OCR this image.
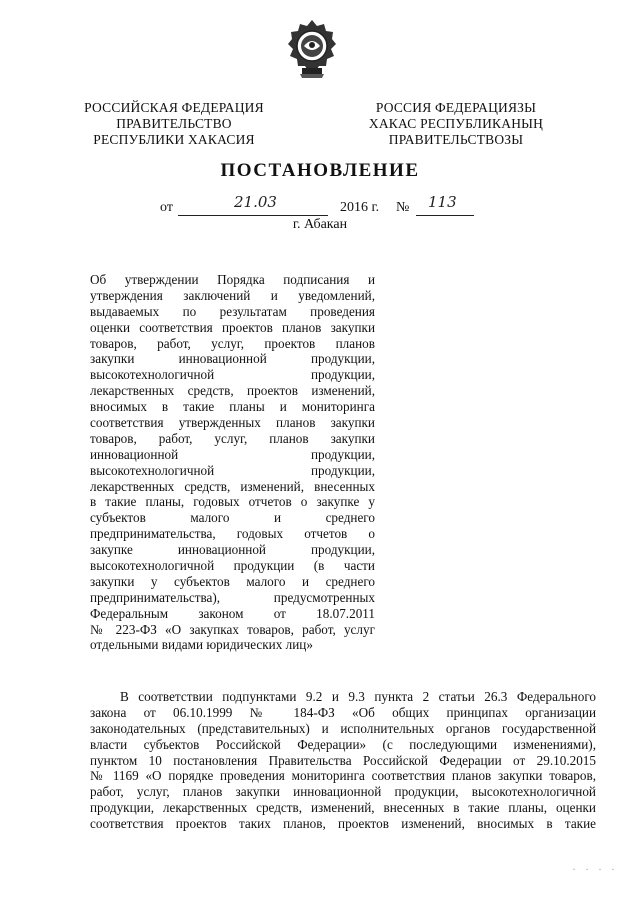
РОССИЙСКАЯ ФЕДЕРАЦИЯ
ПРАВИТЕЛЬСТВО
РЕСПУБЛИКИ ХАКАСИЯ
РОССИЯ ФЕДЕРАЦИЯЗЫ
ХАКАС РЕСПУБЛИКАНЫҢ
ПРАВИТЕЛЬСТВОЗЫ
ПОСТАНОВЛЕНИЕ
от	21.03	2016 г. № 113
г. Абакан
Об утверждении Порядка подписания и
утверждения заключений и уведомлений,
выдаваемых по результатам проведения
оценки соответствия проектов планов закупки
товаров, работ, услуг, проектов планов
закупки инновационной продукции,
высокотехнологичной продукции,
лекарственных средств, проектов изменений,
вносимых в такие планы и мониторинга
соответствия утвержденных планов закупки
товаров, работ, услуг, планов закупки
инновационной продукции,
высокотехнологичной продукции,
лекарственных средств, изменений, внесенных
в такие планы, годовых отчетов о закупке у
субъектов малого и среднего
предпринимательства, годовых отчетов о
закупке инновационной продукции,
высокотехнологичной продукции (в части
закупки у субъектов малого и среднего
предпринимательства), предусмотренных
Федеральным законом от 18.07.2011
№ 223-ФЗ «О закупках товаров, работ, услуг
отдельными видами юридических лиц»
В соответствии подпунктами 9.2 и 9.3 пункта 2 статьи 26.3 Федерального
закона от 06.10.1999 № 184-ФЗ «Об общих принципах организации
законодательных (представительных) и исполнительных органов государственной
власти субъектов Российской Федерации» (с последующими изменениями),
пунктом 10 постановления Правительства Российской Федерации от 29.10.2015
№ 1169 «О порядке проведения мониторинга соответствия планов закупки товаров,
работ, услуг, планов закупки инновационной продукции, высокотехнологичной
продукции, лекарственных средств, изменений, внесенных в такие планы, оценки
соответствия проектов таких планов, проектов изменений, вносимых в такие
· · · ·
